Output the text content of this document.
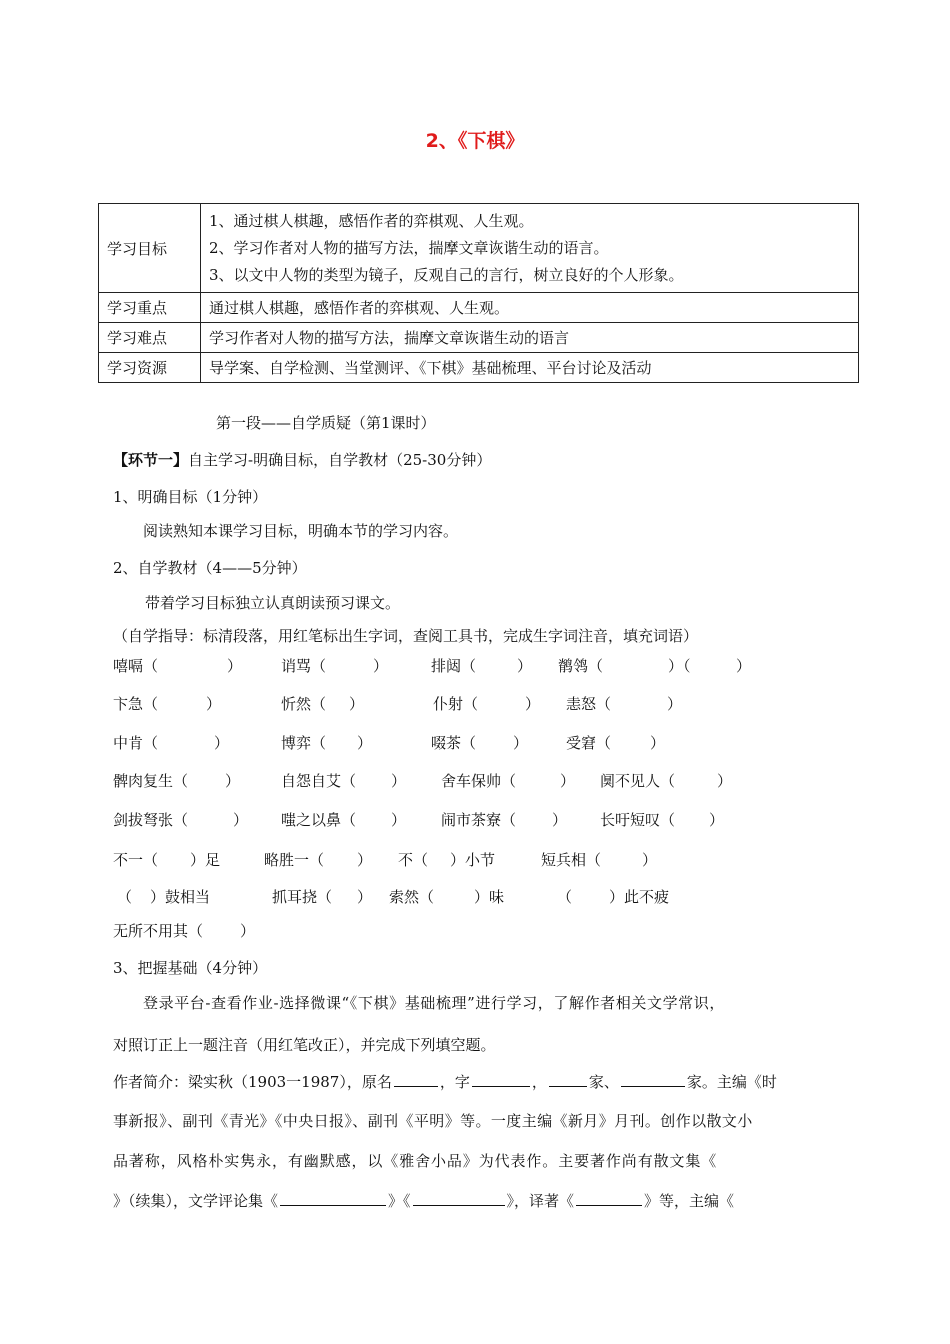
2、《下棋》
学习目标	1、通过棋人棋趣，感悟作者的弈棋观、人生观。
2、学习作者对人物的描写方法，揣摩文章诙谐生动的语言。
3、以文中人物的类型为镜子，反观自己的言行，树立良好的个人形象。

学习重点	通过棋人棋趣，感悟作者的弈棋观、人生观。
学习难点	学习作者对人物的描写方法，揣摩文章诙谐生动的语言
学习资源	导学案、自学检测、当堂测评、《下棋》基础梳理、平台讨论及活动
第一段——自学质疑（第1课时）
【环节一】自主学习-明确目标，自学教材（25-30分钟）
1、明确目标（1分钟）
阅读熟知本课学习目标，明确本节的学习内容。
2、自学教材（4——5分钟）
带着学习目标独立认真朗读预习课文。
（自学指导：标清段落，用红笔标出生字词，查阅工具书，完成生字词注音，填充词语）
嘻嗝（	）	诮骂（	）	排闼（	） 鹡鸰（	）（	）
卞急（	）	忻然（ ）	仆射（	） 恚怒（	）
中肯（	）	博弈（ ）	啜茶（ ）	受窘（	）
髀肉复生（ ）	自怨自艾（ ） 舍车保帅（	） 阒不见人（	）
剑拔弩张（	） 嗤之以鼻（ ） 闹市茶寮（ ） 长吁短叹（ ）
不一（ ）足	略胜一（ ） 不（ ）小节	短兵相（	）
（ ）鼓相当	抓耳挠（ ） 索然（	）味	（ ）此不疲
无所不用其（ ）
3、把握基础（4分钟）
登录平台-查看作业-选择微课“《下棋》基础梳理”进行学习，了解作者相关文学常识，
对照订正上一题注音（用红笔改正），并完成下列填空题。
作者简介：梁实秋（1903一1987），原名	，字	，	家、	家。主编《时
事新报》、副刊《青光》《中央日报》、副刊《平明》等。一度主编《新月》月刊。创作以散文小
品著称，风格朴实隽永，有幽默感，以《雅舍小品》为代表作。主要著作尚有散文集《
》（续集），文学评论集《	》《	》，译著《	》等，主编《
